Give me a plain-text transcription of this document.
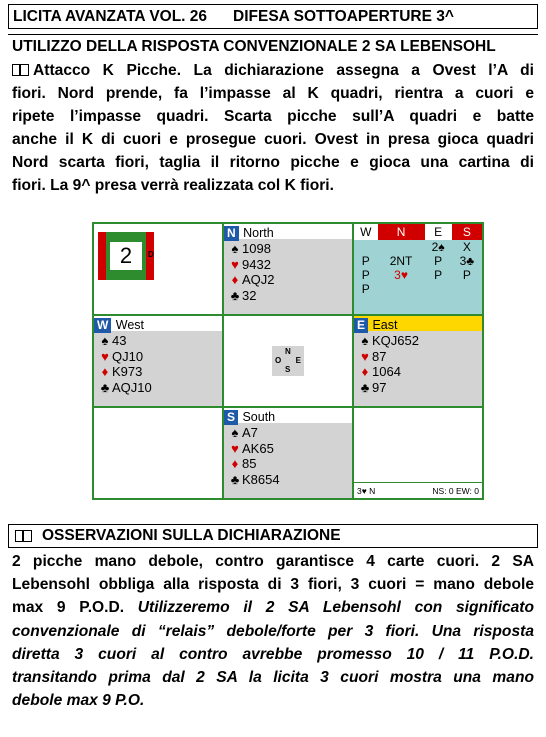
LICITA AVANZATA VOL. 26 DIFESA SOTTOAPERTURE 3^
UTILIZZO DELLA RISPOSTA CONVENZIONALE 2 SA LEBENSOHL
Attacco K Picche. La dichiarazione assegna a Ovest l’A di
fiori. Nord prende, fa l’impasse al K quadri, rientra a cuori e
ripete l’impasse quadri. Scarta picche sull’A quadri e batte
anche il K di cuori e prosegue cuori. Ovest in presa gioca quadri
Nord scarta fiori, taglia il ritorno picche e gioca una cartina di
fiori. La 9^ presa verrà realizzata col K fiori.
2	D
N North
♠ 1098
♥ 9432
♦ AQJ2
♣ 32
W	N	E	S
		2♠	X
P	2NT	P	3♣
P	3♥	P	P
P			
W West
♠ 43
♥ QJ10
♦ K973
♣ AQJ10
N
O E
S
E East
♠ KQJ652
♥ 87
♦ 1064
♣ 97
S South
♠ A7
♥ AK65
♦ 85
♣ K8654
3♥ N	NS: 0 EW: 0
OSSERVAZIONI SULLA DICHIARAZIONE
2 picche mano debole, contro garantisce 4 carte cuori. 2 SA
Lebensohl obbliga alla risposta di 3 fiori, 3 cuori = mano debole
max 9 P.O.D. Utilizzeremo il 2 SA Lebensohl con significato
convenzionale di “relais” debole/forte per 3 fiori. Una risposta
diretta 3 cuori al contro avrebbe promesso 10 / 11 P.O.D.
transitando prima dal 2 SA la licita 3 cuori mostra una mano
debole max 9 P.O.
